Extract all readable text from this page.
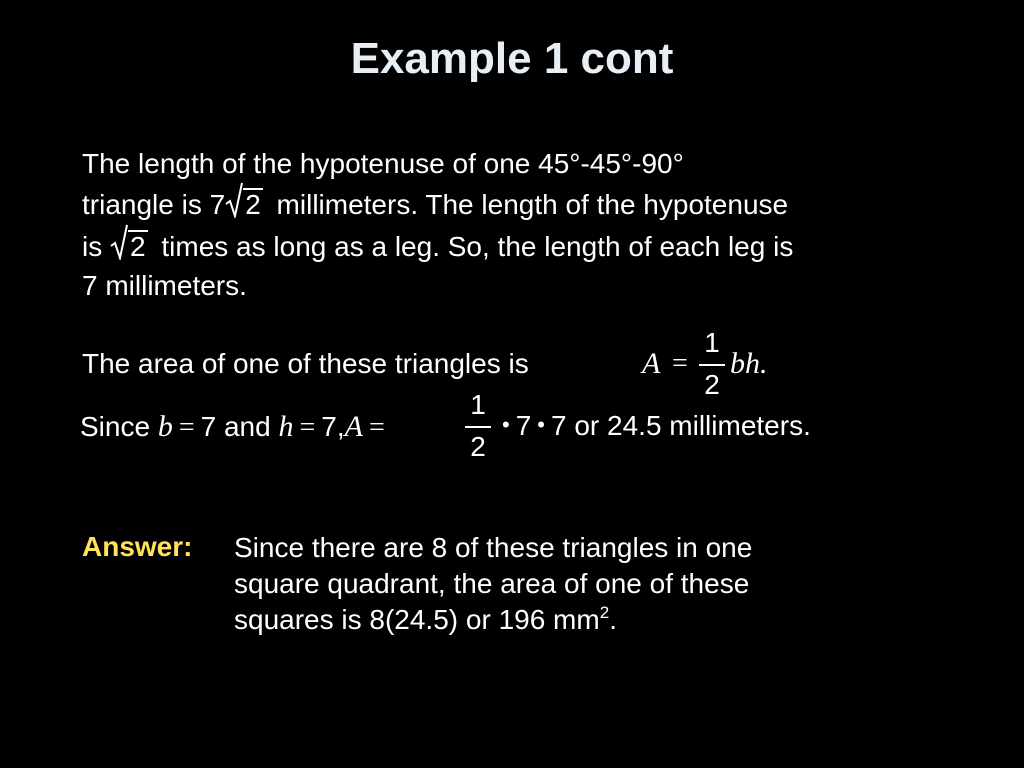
Example 1 cont
The length of the hypotenuse of one 45°-45°-90°
triangle is 7 2 millimeters. The length of the hypotenuse
is 2 times as long as a leg. So, the length of each leg is
7 millimeters.
The area of one of these triangles is	A =
1
2
bh.
Since b = 7 and h = 7,A =
1
2
• 7 • 7 or 24.5 millimeters.
Answer: Since there are 8 of these triangles in one
square quadrant, the area of one of these
squares is 8(24.5) or 196 $mm^2$.
